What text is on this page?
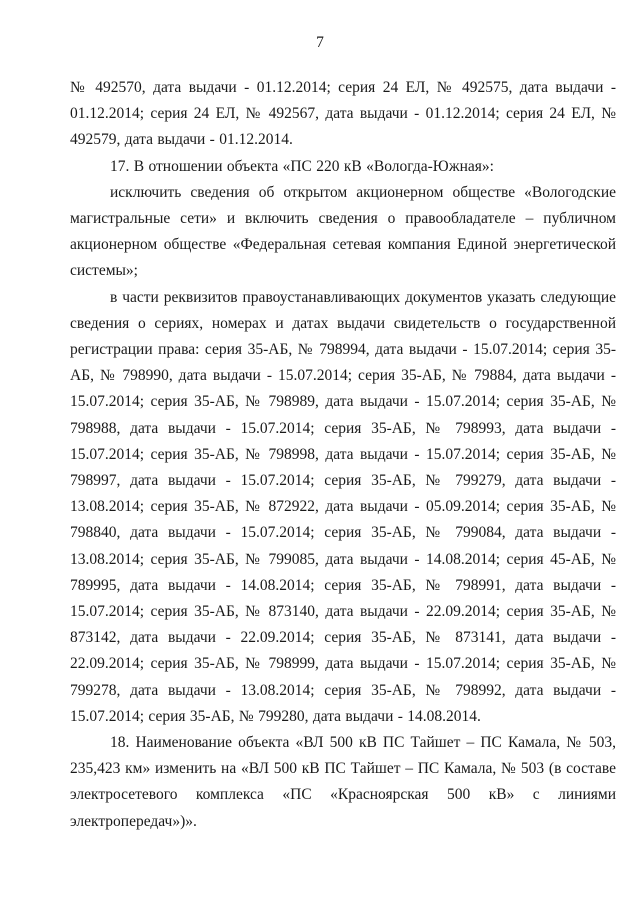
7

№ 492570, дата выдачи - 01.12.2014; серия 24 ЕЛ, № 492575, дата выдачи - 01.12.2014; серия 24 ЕЛ, № 492567, дата выдачи - 01.12.2014; серия 24 ЕЛ, № 492579, дата выдачи - 01.12.2014.

17. В отношении объекта «ПС 220 кВ «Вологда-Южная»:

исключить сведения об открытом акционерном обществе «Вологодские магистральные сети» и включить сведения о правообладателе – публичном акционерном обществе «Федеральная сетевая компания Единой энергетической системы»;

в части реквизитов правоустанавливающих документов указать следующие сведения о сериях, номерах и датах выдачи свидетельств о государственной регистрации права: серия 35-АБ, № 798994, дата выдачи - 15.07.2014; серия 35-АБ, № 798990, дата выдачи - 15.07.2014; серия 35-АБ, № 79884, дата выдачи - 15.07.2014; серия 35-АБ, № 798989, дата выдачи - 15.07.2014; серия 35-АБ, № 798988, дата выдачи - 15.07.2014; серия 35-АБ, № 798993, дата выдачи - 15.07.2014; серия 35-АБ, № 798998, дата выдачи - 15.07.2014; серия 35-АБ, № 798997, дата выдачи - 15.07.2014; серия 35-АБ, № 799279, дата выдачи - 13.08.2014; серия 35-АБ, № 872922, дата выдачи - 05.09.2014; серия 35-АБ, № 798840, дата выдачи - 15.07.2014; серия 35-АБ, № 799084, дата выдачи - 13.08.2014; серия 35-АБ, № 799085, дата выдачи - 14.08.2014; серия 45-АБ, № 789995, дата выдачи - 14.08.2014; серия 35-АБ, № 798991, дата выдачи - 15.07.2014; серия 35-АБ, № 873140, дата выдачи - 22.09.2014; серия 35-АБ, № 873142, дата выдачи - 22.09.2014; серия 35-АБ, № 873141, дата выдачи - 22.09.2014; серия 35-АБ, № 798999, дата выдачи - 15.07.2014; серия 35-АБ, № 799278, дата выдачи - 13.08.2014; серия 35-АБ, № 798992, дата выдачи - 15.07.2014; серия 35-АБ, № 799280, дата выдачи - 14.08.2014.

18. Наименование объекта «ВЛ 500 кВ ПС Тайшет – ПС Камала, № 503, 235,423 км» изменить на «ВЛ 500 кВ ПС Тайшет – ПС Камала, № 503 (в составе электросетевого комплекса «ПС «Красноярская 500 кВ» с линиями электропередач»)».
